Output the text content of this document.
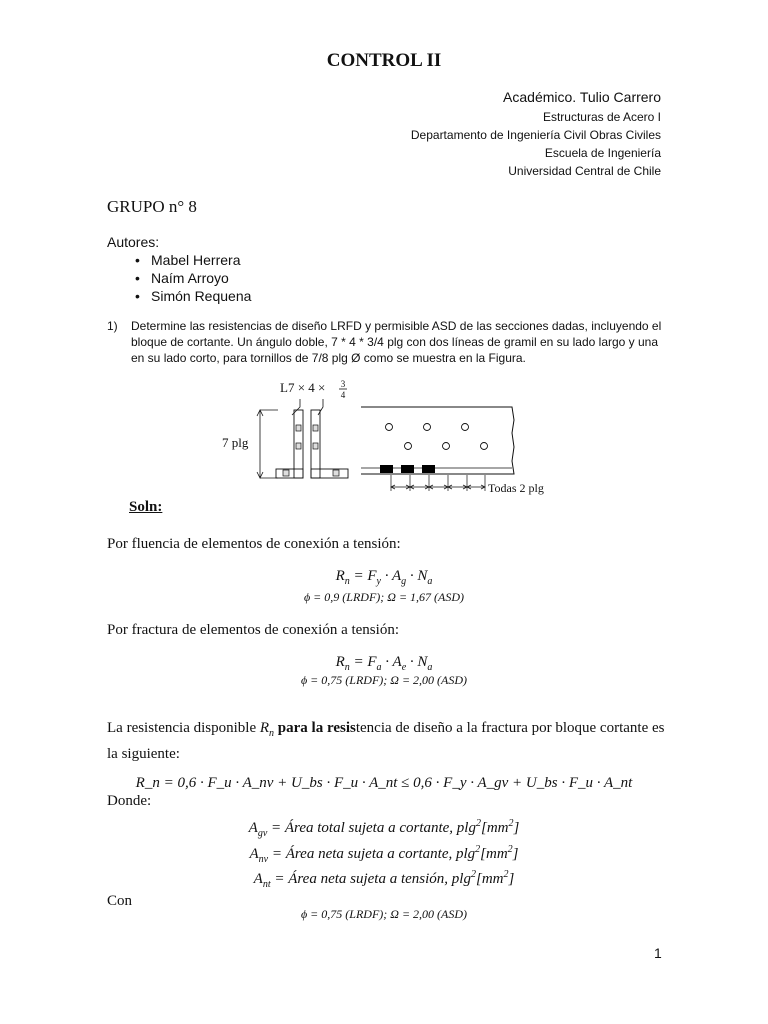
CONTROL II
Académico. Tulio Carrero
Estructuras de Acero I
Departamento de Ingeniería Civil Obras Civiles
Escuela de Ingeniería
Universidad Central de Chile
GRUPO n° 8
Autores:
• Mabel Herrera
• Naím Arroyo
• Simón Requena
1) Determine las resistencias de diseño LRFD y permisible ASD de las secciones dadas, incluyendo el bloque de cortante. Un ángulo doble, 7 * 4 * 3/4 plg con dos líneas de gramil en su lado largo y una en su lado corto, para tornillos de 7/8 plg Ø como se muestra en la Figura.
L7 × 4 × 3
4
7 plg
Todas 2 plg
Soln:
Por fluencia de elementos de conexión a tensión:
$R_n = F_y \cdot A_g \cdot N_a$
ϕ = 0,9 (LRDF); Ω = 1,67 (ASD)
Por fractura de elementos de conexión a tensión:
$R_n = F_a \cdot A_e \cdot N_a$
ϕ = 0,75 (LRDF); Ω = 2,00 (ASD)
La resistencia disponible $R_n$ para la resistencia de diseño a la fractura por bloque cortante es la siguiente:
R_n = 0,6 · F_u · A_nv + U_bs · F_u · A_nt ≤ 0,6 · F_y · A_gv + U_bs · F_u · A_nt
Donde:
$A_{gv}$ = Área total sujeta a cortante, $plg^2[mm^2]$
$A_{nv}$ = Área neta sujeta a cortante, $plg^2[mm^2]$
$A_{nt}$ = Área neta sujeta a tensión, $plg^2[mm^2]$
Con
ϕ = 0,75 (LRDF); Ω = 2,00 (ASD)
1
